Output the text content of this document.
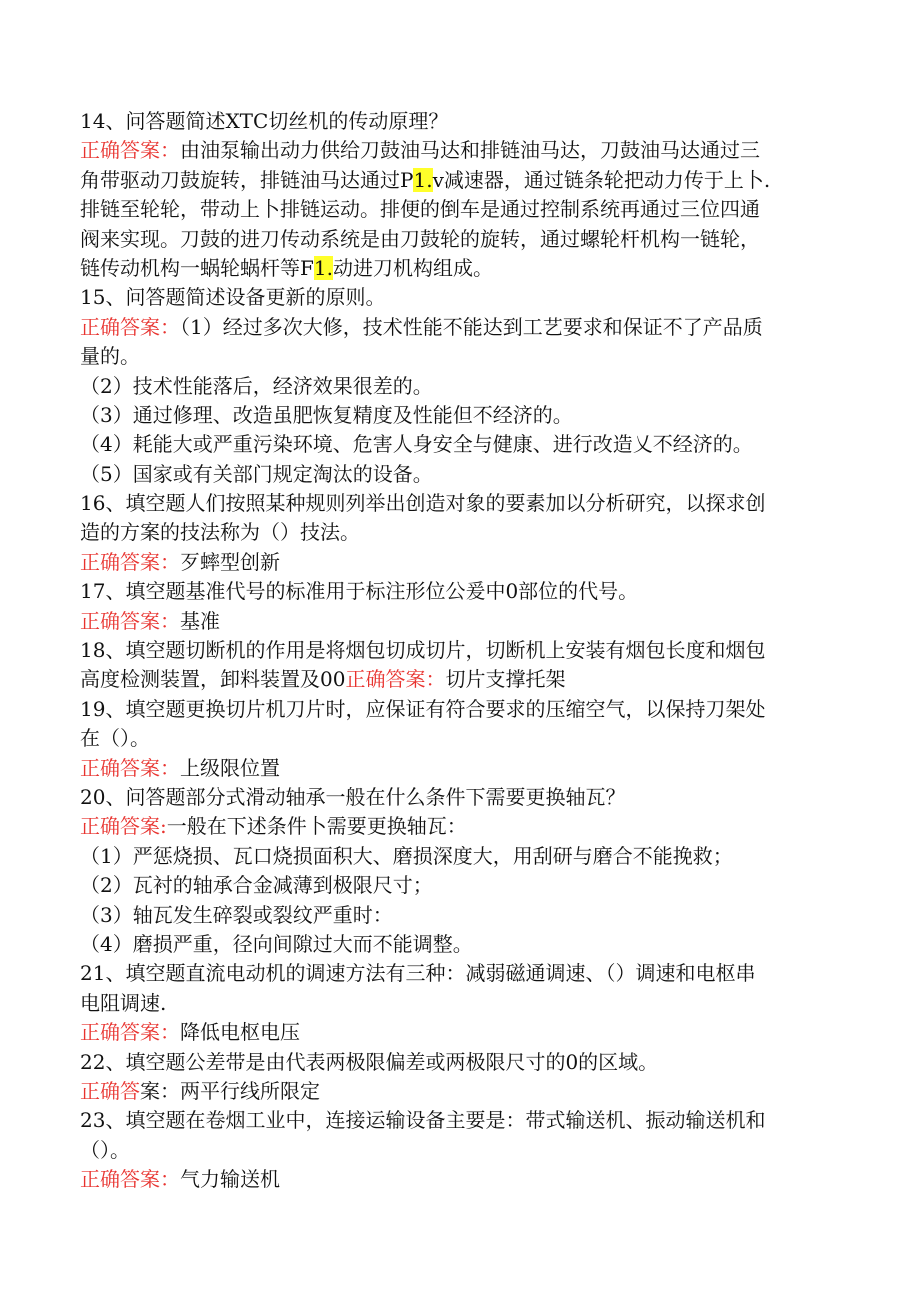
14、问答题简述XTC切丝机的传动原理？
正确答案：由油泵输出动力供给刀鼓油马达和排链油马达，刀鼓油马达通过三
角带驱动刀鼓旋转，排链油马达通过P1.v减速器，通过链条轮把动力传于上卜.
排链至轮轮，带动上卜排链运动。排便的倒车是通过控制系统再通过三位四通
阀来实现。刀鼓的进刀传动系统是由刀鼓轮的旋转，通过螺轮杆机构一链轮，
链传动机构一蜗轮蜗杆等F1.动进刀机构组成。
15、问答题简述设备更新的原则。
正确答案：（1）经过多次大修，技术性能不能达到工艺要求和保证不了产品质
量的。
（2）技术性能落后，经济效果很差的。
（3）通过修理、改造虽肥恢复精度及性能但不经济的。
（4）耗能大或严重污染环境、危害人身安全与健康、进行改造乂不经济的。
（5）国家或有关部门规定淘汰的设备。
16、填空题人们按照某种规则列举出创造对象的要素加以分析研究，以探求创
造的方案的技法称为（）技法。
正确答案：歹蟀型创新
17、填空题基准代号的标准用于标注形位公爰中0部位的代号。
正确答案：基准
18、填空题切断机的作用是将烟包切成切片，切断机上安装有烟包长度和烟包
高度检测装置，卸料装置及00正确答案：切片支撑托架
19、填空题更换切片机刀片时，应保证有符合要求的压缩空气，以保持刀架处
在（）。
正确答案：上级限位置
20、问答题部分式滑动轴承一般在什么条件下需要更换轴瓦？
正确答案:一般在下述条件卜需要更换轴瓦：
（1）严惩烧损、瓦口烧损面积大、磨损深度大，用刮研与磨合不能挽救；
（2）瓦衬的轴承合金减薄到极限尺寸；
（3）轴瓦发生碎裂或裂纹严重时：
（4）磨损严重，径向间隙过大而不能调整。
21、填空题直流电动机的调速方法有三种：减弱磁通调速、（）调速和电枢串
电阻调速.
正确答案：降低电枢电压
22、填空题公差带是由代表两极限偏差或两极限尺寸的0的区域。
正确答案：两平行线所限定
23、填空题在卷烟工业中，连接运输设备主要是：带式输送机、振动输送机和
（）。
正确答案：气力输送机
